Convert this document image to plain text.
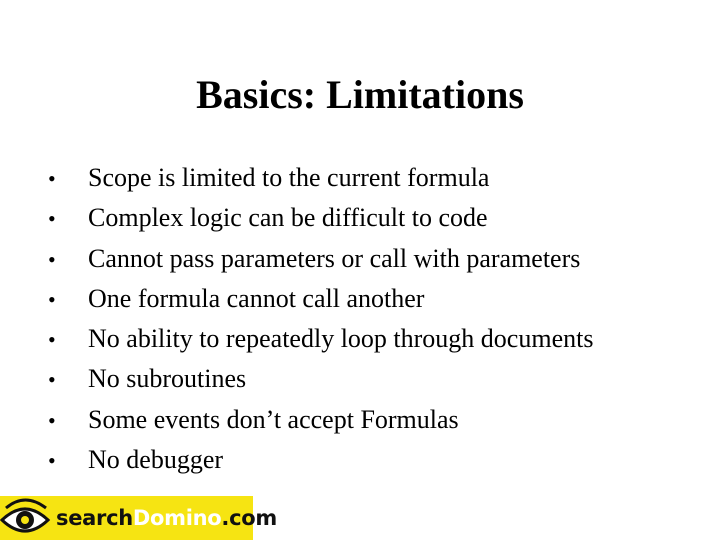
Basics: Limitations
•	Scope is limited to the current formula
•	Complex logic can be difficult to code
•	Cannot pass parameters or call with parameters
•	One formula cannot call another
•	No ability to repeatedly loop through documents
•	No subroutines
•	Some events don’t accept Formulas
•	No debugger
searchDomino.com
